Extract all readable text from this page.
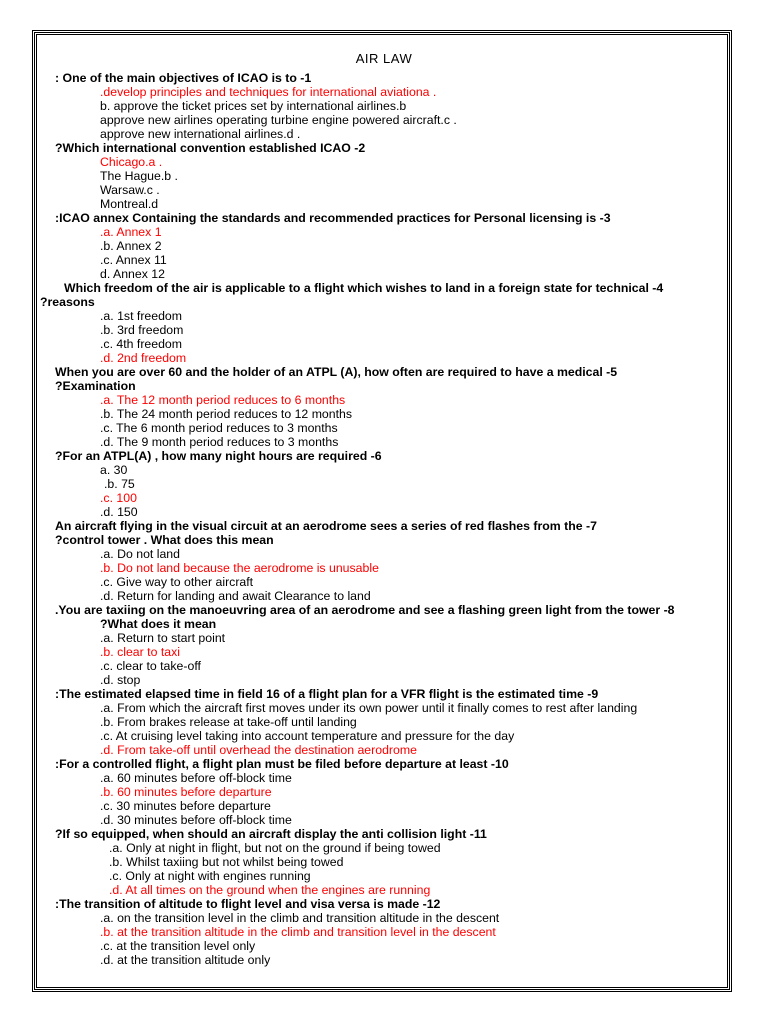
AIR LAW
: One of the main objectives of ICAO is to -1
.develop principles and techniques for international aviationa .
b. approve the ticket prices set by international airlines.b
approve new airlines operating turbine engine powered aircraft.c .
approve new international airlines.d .
?Which international convention established ICAO -2
Chicago.a .
The Hague.b .
Warsaw.c .
Montreal.d
:ICAO annex Containing the standards and recommended practices for Personal licensing is -3
.a. Annex 1
.b. Annex 2
.c. Annex 11
d. Annex 12
Which freedom of the air is applicable to a flight which wishes to land in a foreign state for technical -4
?reasons
.a. 1st freedom
.b. 3rd freedom
.c. 4th freedom
.d. 2nd freedom
When you are over 60 and the holder of an ATPL (A), how often are required to have a medical -5
?Examination
.a. The 12 month period reduces to 6 months
.b. The 24 month period reduces to 12 months
.c. The 6 month period reduces to 3 months
.d. The 9 month period reduces to 3 months
?For an ATPL(A) , how many night hours are required -6
a. 30
.b. 75
.c. 100
.d. 150
An aircraft flying in the visual circuit at an aerodrome sees a series of red flashes from the -7
?control tower . What does this mean
.a. Do not land
.b. Do not land because the aerodrome is unusable
.c. Give way to other aircraft
.d. Return for landing and await Clearance to land
.You are taxiing on the manoeuvring area of an aerodrome and see a flashing green light from the tower -8
?What does it mean
.a. Return to start point
.b. clear to taxi
.c. clear to take-off
.d. stop
:The estimated elapsed time in field 16 of a flight plan for a VFR flight is the estimated time -9
.a. From which the aircraft first moves under its own power until it finally comes to rest after landing
.b. From brakes release at take-off until landing
.c. At cruising level taking into account temperature and pressure for the day
.d. From take-off until overhead the destination aerodrome
:For a controlled flight, a flight plan must be filed before departure at least -10
.a. 60 minutes before off-block time
.b. 60 minutes before departure
.c. 30 minutes before departure
.d. 30 minutes before off-block time
?If so equipped, when should an aircraft display the anti collision light -11
.a. Only at night in flight, but not on the ground if being towed
.b. Whilst taxiing but not whilst being towed
.c. Only at night with engines running
.d. At all times on the ground when the engines are running
:The transition of altitude to flight level and visa versa is made -12
.a. on the transition level in the climb and transition altitude in the descent
.b. at the transition altitude in the climb and transition level in the descent
.c. at the transition level only
.d. at the transition altitude only
